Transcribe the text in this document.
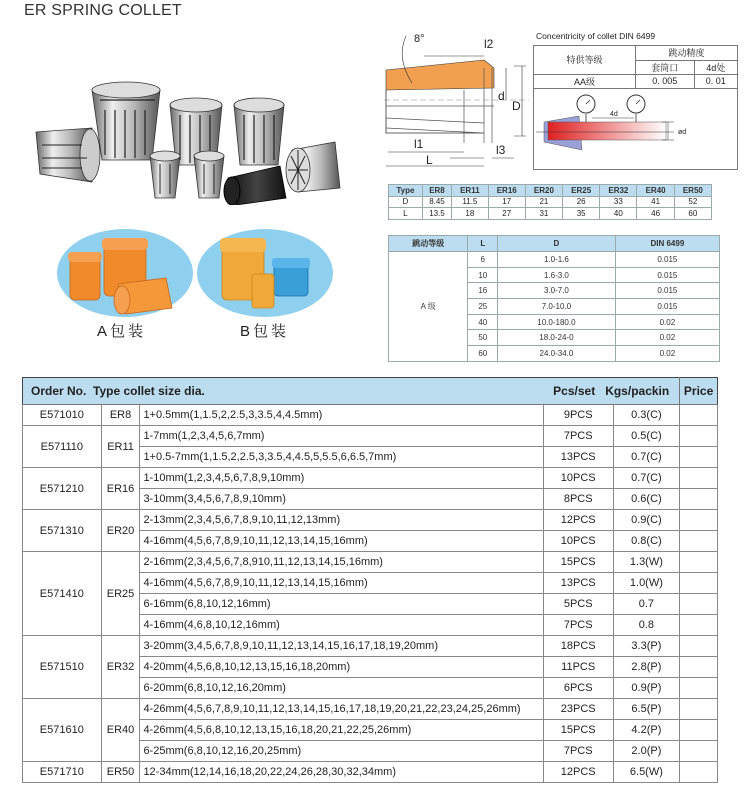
ER SPRING COLLET
A包装	B包装
8°	l2
d
D
l1
L
l3
Concentricity of collet DIN 6499
特供等级	跳动精度	
	套筒口	4d处
AA级	0. 005	0. 01
4d
ød
Type	ER8	ER11	ER16	ER20	ER25	ER32	ER40	ER50
D	8.45	11.5	17	21	26	33	41	52
L	13.5	18	27	31	35	40	46	60
跳动等级	L	D	DIN 6499
A 级	6	1.0-1.6	0.015
	10	1.6-3.0	0.015
	16	3.0-7.0	0.015
	25	7.0-10.0	0.015
	40	10.0-180.0	0.02
	50	18.0-24-0	0.02
	60	24.0-34.0	0.02
Order No.  Type collet size dia.			Pcs/set   Kgs/packin		Price
E571010	ER8	1+0.5mm(1,1.5,2,2.5,3,3.5,4,4.5mm)	9PCS	0.3(C)	
E571110	ER11	1-7mm(1,2,3,4,5,6,7mm)	7PCS	0.5(C)	
		1+0.5-7mm(1,1.5,2,2.5,3,3.5,4,4.5,5,5.5,6,6.5,7mm)	13PCS	0.7(C)	
E571210	ER16	1-10mm(1,2,3,4,5,6,7,8,9,10mm)	10PCS	0.7(C)	
		3-10mm(3,4,5,6,7,8,9,10mm)	8PCS	0.6(C)	
E571310	ER20	2-13mm(2,3,4,5,6,7,8,9,10,11,12,13mm)	12PCS	0.9(C)	
		4-16mm(4,5,6,7,8,9,10,11,12,13,14,15,16mm)	10PCS	0.8(C)	
E571410	ER25	2-16mm(2,3,4,5,6,7,8,910,11,12,13,14,15,16mm)	15PCS	1.3(W)	
		4-16mm(4,5,6,7,8,9,10,11,12,13,14,15,16mm)	13PCS	1.0(W)	
		6-16mm(6,8,10,12,16mm)	5PCS	0.7	
		4-16mm(4,6,8,10,12,16mm)	7PCS	0.8	
E571510	ER32	3-20mm(3,4,5,6,7,8,9,10,11,12,13,14,15,16,17,18,19,20mm)	18PCS	3.3(P)	
		4-20mm(4,5,6,8,10,12,13,15,16,18,20mm)	11PCS	2.8(P)	
		6-20mm(6,8,10,12,16,20mm)	6PCS	0.9(P)	
E571610	ER40	4-26mm(4,5,6,7,8,9,10,11,12,13,14,15,16,17,18,19,20,21,22,23,24,25,26mm)	23PCS	6.5(P)	
		4-26mm(4,5,6,8,10,12,13,15,16,18,20,21,22,25,26mm)	15PCS	4.2(P)	
		6-25mm(6,8,10,12,16,20,25mm)	7PCS	2.0(P)	
E571710	ER50	12-34mm(12,14,16,18,20,22,24,26,28,30,32,34mm)	12PCS	6.5(W)	
